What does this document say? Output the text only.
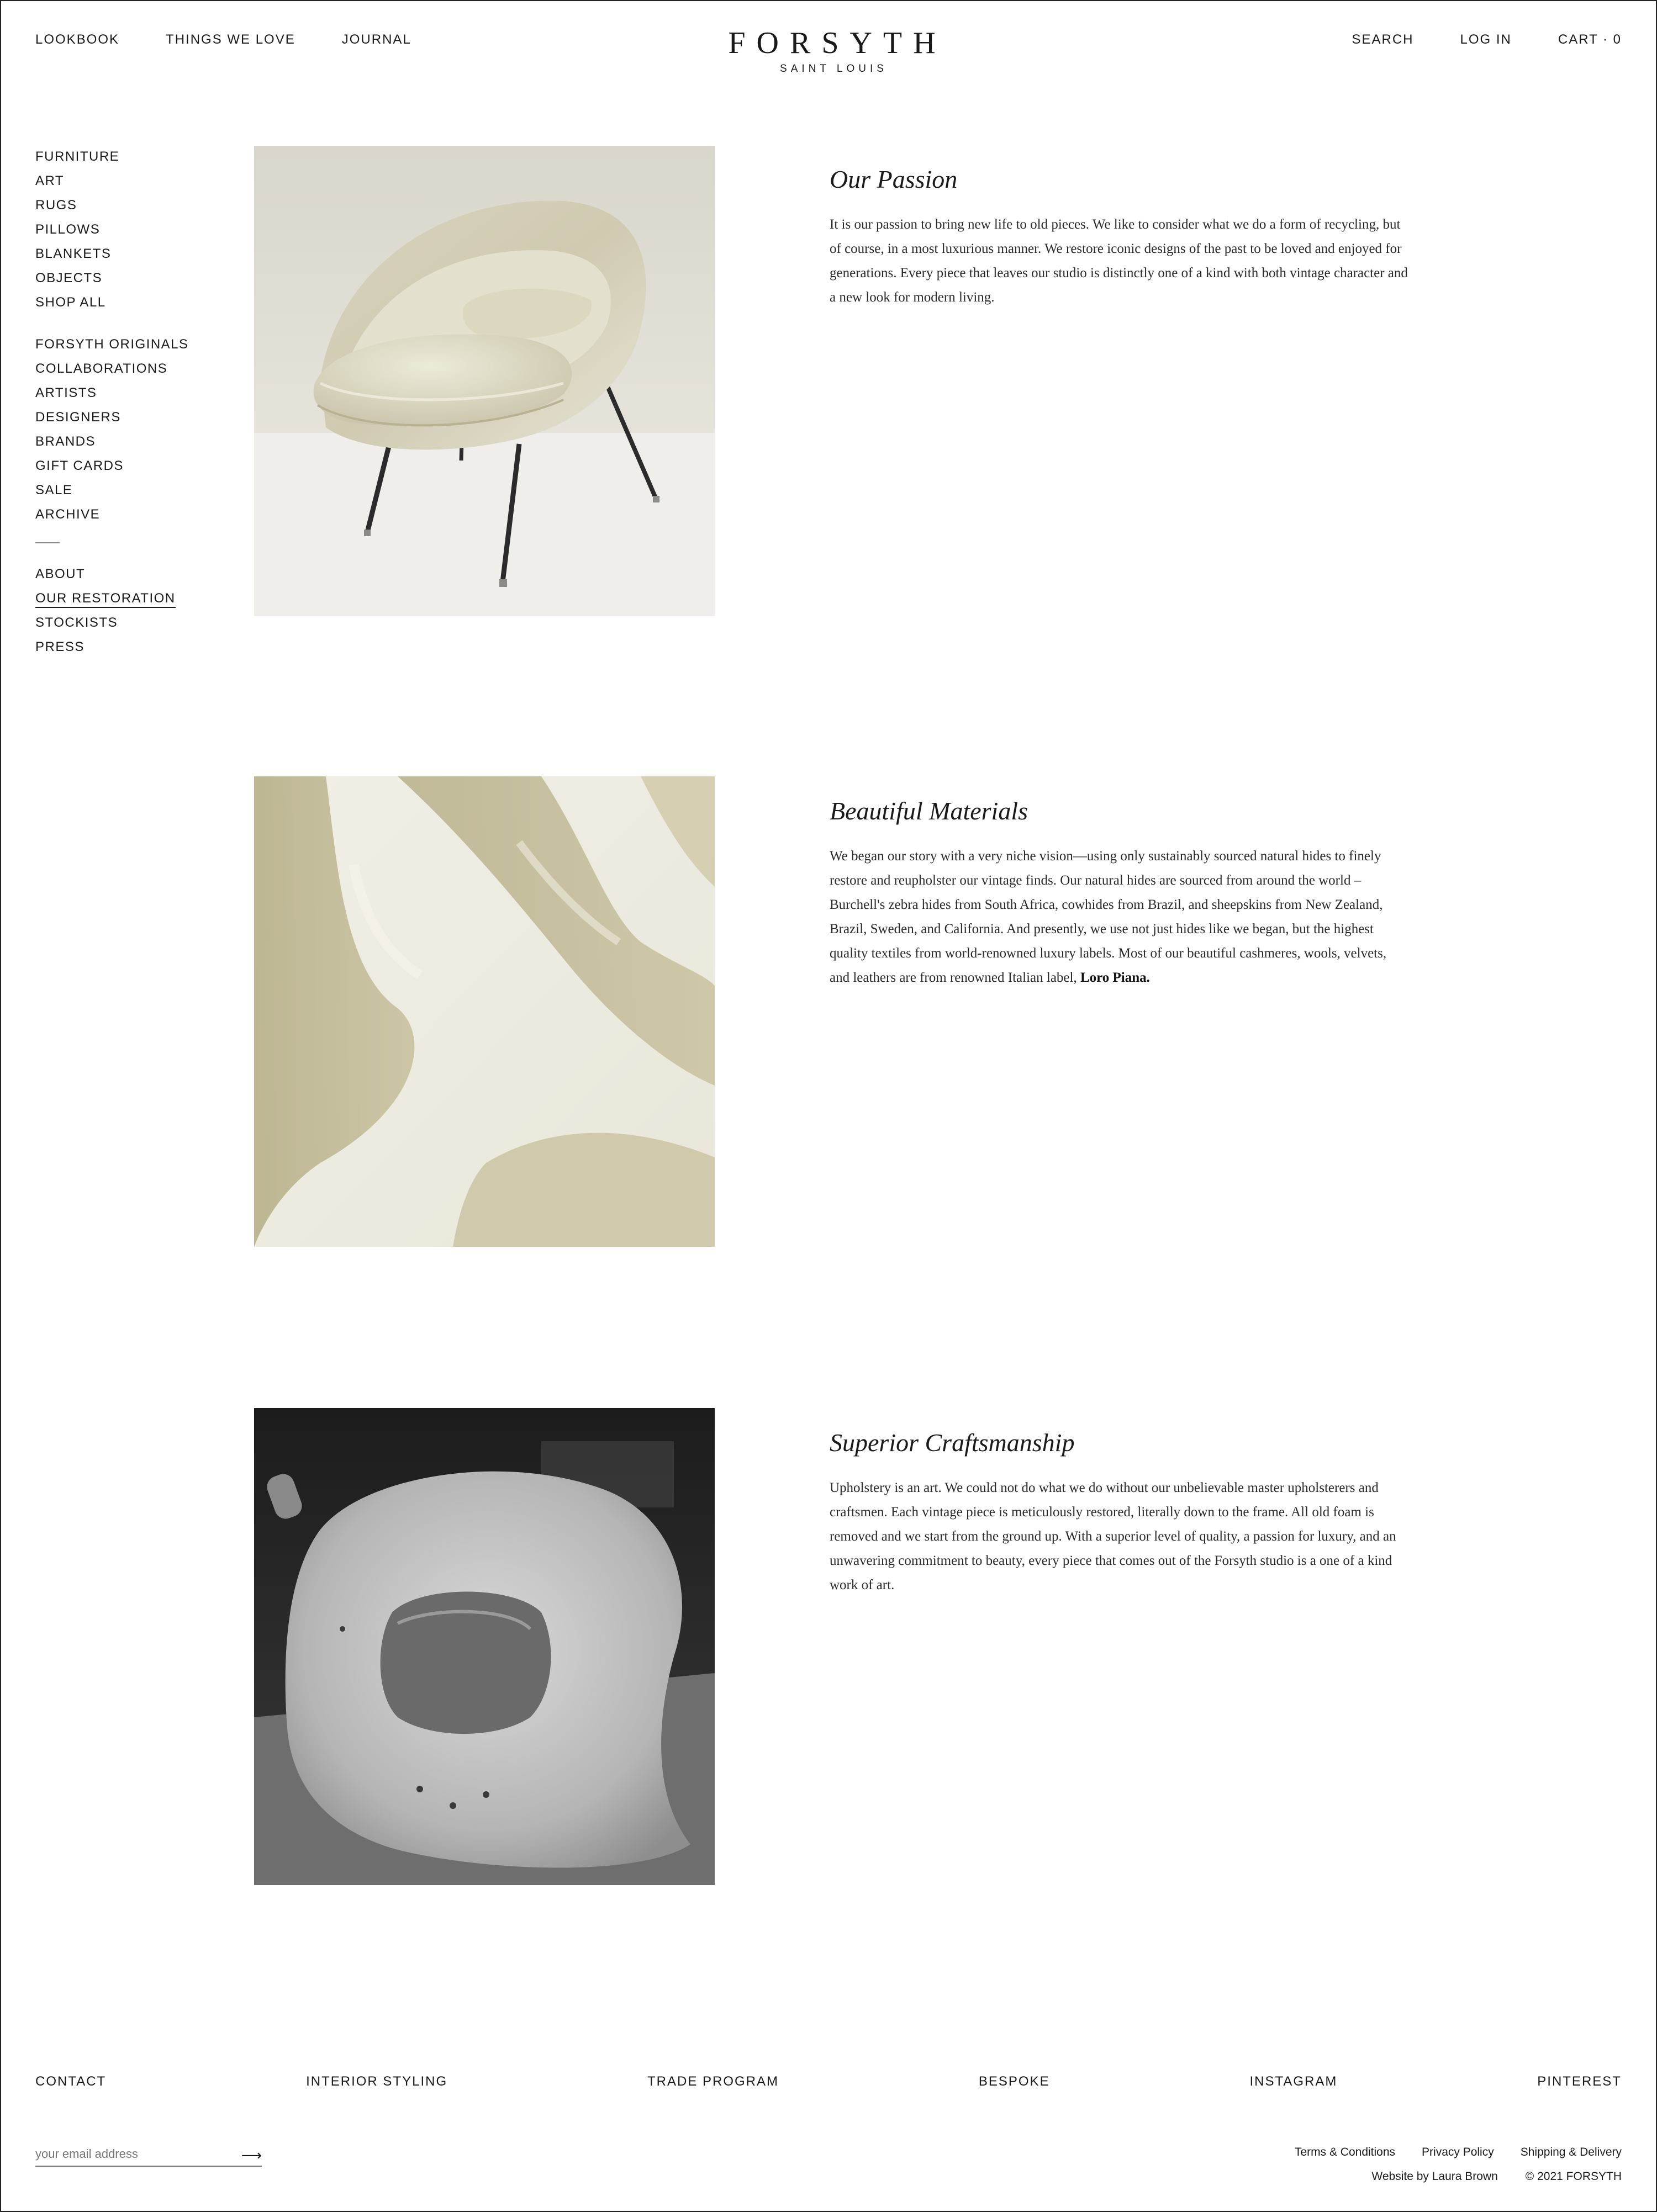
LOOKBOOK	THINGS WE LOVE	JOURNAL	FORSYTH
SAINT LOUIS
SEARCH	LOG IN	CART · 0
FURNITURE
ART
RUGS
PILLOWS
BLANKETS
OBJECTS
SHOP ALL
FORSYTH ORIGINALS
COLLABORATIONS
ARTISTS
DESIGNERS
BRANDS
GIFT CARDS
SALE
ARCHIVE
ABOUT
OUR RESTORATION
STOCKISTS
PRESS
Our Passion

It is our passion to bring new life to old pieces. We like to consider what we do a form of recycling, but of course, in a most luxurious manner. We restore iconic designs of the past to be loved and enjoyed for generations. Every piece that leaves our studio is distinctly one of a kind with both vintage character and a new look for modern living.

Beautiful Materials

We began our story with a very niche vision—using only sustainably sourced natural hides to finely restore and reupholster our vintage finds. Our natural hides are sourced from around the world – Burchell's zebra hides from South Africa, cowhides from Brazil, and sheepskins from New Zealand, Brazil, Sweden, and California. And presently, we use not just hides like we began, but the highest quality textiles from world-renowned luxury labels. Most of our beautiful cashmeres, wools, velvets, and leathers are from renowned Italian label, Loro Piana.

Superior Craftsmanship

Upholstery is an art. We could not do what we do without our unbelievable master upholsterers and craftsmen. Each vintage piece is meticulously restored, literally down to the frame. All old foam is removed and we start from the ground up. With a superior level of quality, a passion for luxury, and an unwavering commitment to beauty, every piece that comes out of the Forsyth studio is a one of a kind work of art.

CONTACT	INTERIOR STYLING	TRADE PROGRAM	BESPOKE	INSTAGRAM	PINTEREST
your email address
⟶	Terms & Conditions Privacy Policy Shipping & Delivery
Website by Laura Brown © 2021 FORSYTH
